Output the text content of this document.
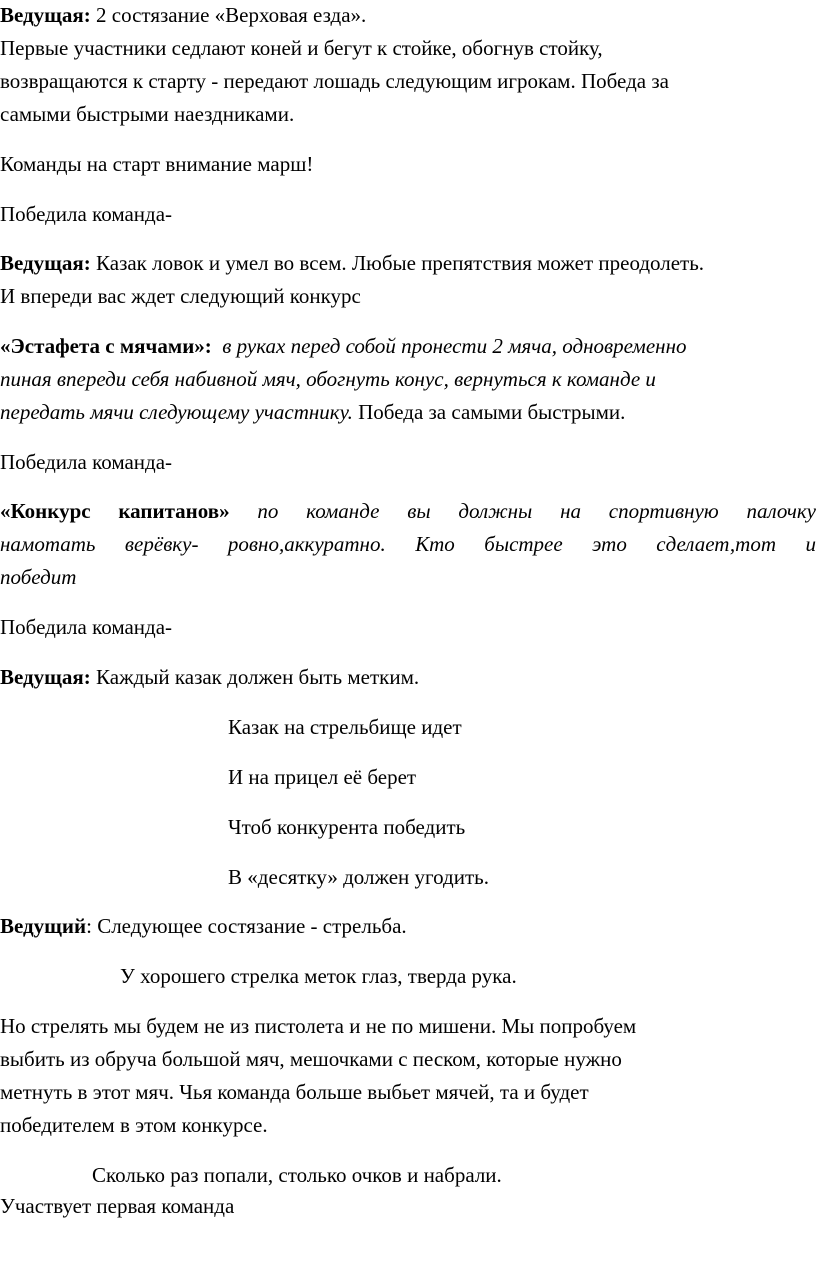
Ведущая: 2 состязание «Верховая езда».
Первые участники седлают коней и бегут к стойке, обогнув стойку,
возвращаются к старту - передают лошадь следующим игрокам. Победа за
самыми быстрыми наездниками.
Команды на старт внимание марш!
Победила команда-
Ведущая: Казак ловок и умел во всем. Любые препятствия может преодолеть.
И впереди вас ждет следующий конкурс
«Эстафета с мячами»: в руках перед собой пронести 2 мяча, одновременно
пиная впереди себя набивной мяч, обогнуть конус, вернуться к команде и
передать мячи следующему участнику. Победа за самыми быстрыми.
Победила команда-
«Конкурс капитанов» по команде вы должны на спортивную палочку
намотать верёвку- ровно,аккуратно. Кто быстрее это сделает,тот и
победит
Победила команда-
Ведущая: Каждый казак должен быть метким.
Казак на стрельбище идет
И на прицел её берет
Чтоб конкурента победить
В «десятку» должен угодить.
Ведущий: Следующее состязание - стрельба.
У хорошего стрелка меток глаз, тверда рука.
Но стрелять мы будем не из пистолета и не по мишени. Мы попробуем
выбить из обруча большой мяч, мешочками с песком, которые нужно
метнуть в этот мяч. Чья команда больше выбьет мячей, та и будет
победителем в этом конкурсе.
Сколько раз попали, столько очков и набрали.
Участвует первая команда
